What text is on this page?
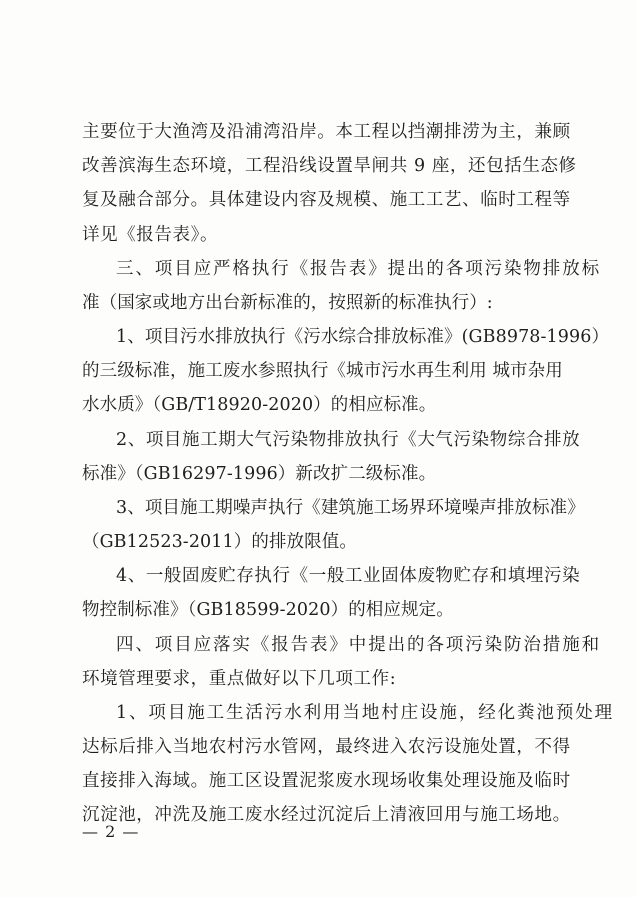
主要位于大渔湾及沿浦湾沿岸。本工程以挡潮排涝为主，兼顾
改善滨海生态环境，工程沿线设置旱闸共 9 座，还包括生态修
复及融合部分。具体建设内容及规模、施工工艺、临时工程等
详见《报告表》。
三、项目应严格执行《报告表》提出的各项污染物排放标
准（国家或地方出台新标准的，按照新的标准执行）:
1、项目污水排放执行《污水综合排放标准》(GB8978-1996）
的三级标准，施工废水参照执行《城市污水再生利用 城市杂用
水水质》（GB/T18920-2020）的相应标准。
2、项目施工期大气污染物排放执行《大气污染物综合排放
标准》（GB16297-1996）新改扩二级标准。
3、项目施工期噪声执行《建筑施工场界环境噪声排放标准》
（GB12523-2011）的排放限值。
4、一般固废贮存执行《一般工业固体废物贮存和填埋污染
物控制标准》（GB18599-2020）的相应规定。
四、项目应落实《报告表》中提出的各项污染防治措施和
环境管理要求，重点做好以下几项工作:
1、项目施工生活污水利用当地村庄设施，经化粪池预处理
达标后排入当地农村污水管网，最终进入农污设施处置，不得
直接排入海域。施工区设置泥浆废水现场收集处理设施及临时
沉淀池，冲洗及施工废水经过沉淀后上清液回用与施工场地。
— 2 —
